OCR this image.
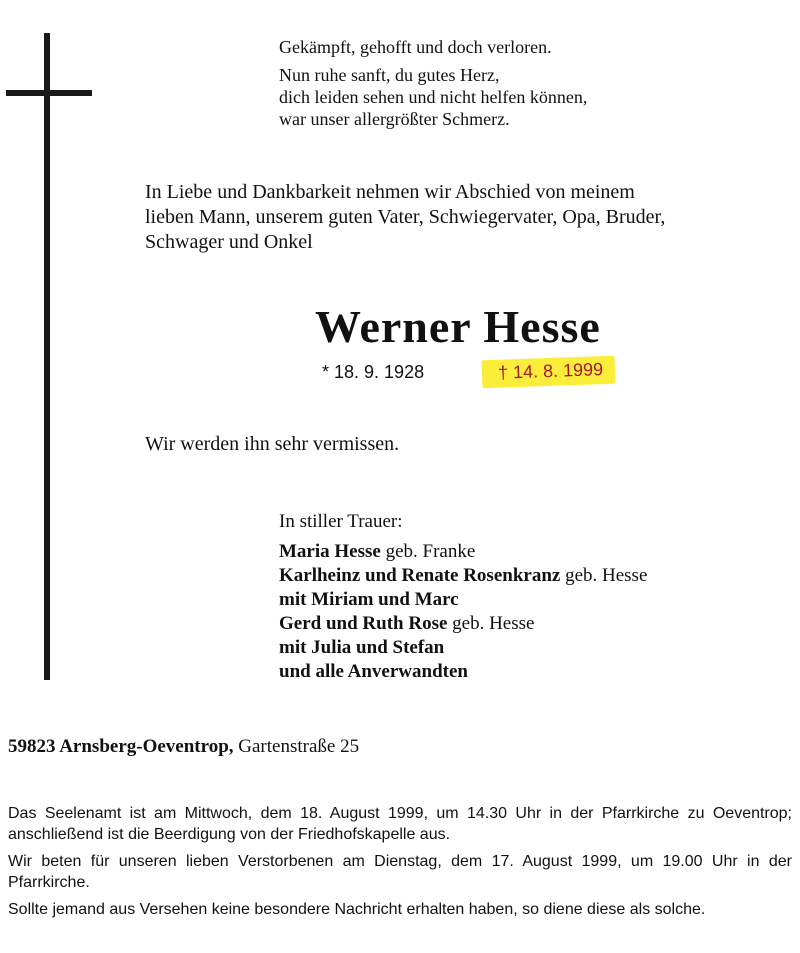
Gekämpft, gehofft und doch verloren.

Nun ruhe sanft, du gutes Herz,

dich leiden sehen und nicht helfen können,

war unser allergrößter Schmerz.

In Liebe und Dankbarkeit nehmen wir Abschied von meinem

lieben Mann, unserem guten Vater, Schwiegervater, Opa, Bruder,

Schwager und Onkel

Werner Hesse
* 18. 9. 1928	† 14. 8. 1999
Wir werden ihn sehr vermissen.
In stiller Trauer:
Maria Hesse geb. Franke
Karlheinz und Renate Rosenkranz geb. Hesse
mit Miriam und Marc
Gerd und Ruth Rose geb. Hesse
mit Julia und Stefan
und alle Anverwandten
59823 Arnsberg-Oeventrop, Gartenstraße 25

Das Seelenamt ist am Mittwoch, dem 18. August 1999, um 14.30 Uhr in der Pfarrkirche zu Oeventrop; anschließend ist die Beerdigung von der Friedhofskapelle aus.

Wir beten für unseren lieben Verstorbenen am Dienstag, dem 17. August 1999, um 19.00 Uhr in der Pfarrkirche.

Sollte jemand aus Versehen keine besondere Nachricht erhalten haben, so diene diese als solche.
